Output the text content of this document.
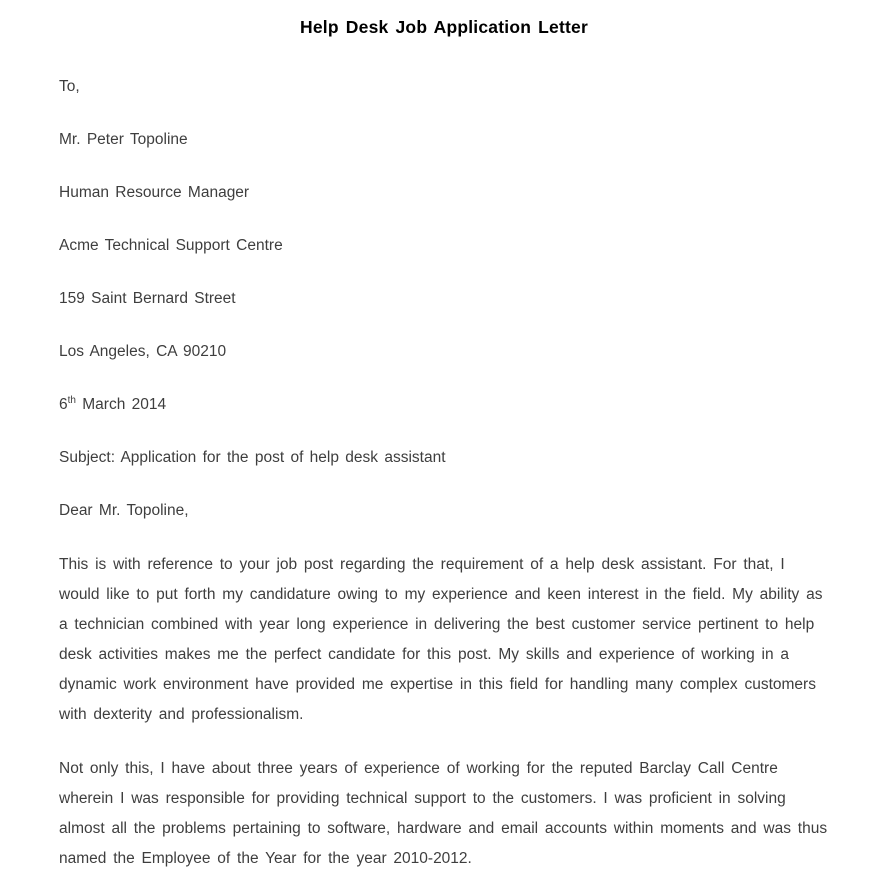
Help Desk Job Application Letter

To,

Mr. Peter Topoline

Human Resource Manager

Acme Technical Support Centre

159 Saint Bernard Street

Los Angeles, CA 90210

6th March 2014

Subject: Application for the post of help desk assistant

Dear Mr. Topoline,

This is with reference to your job post regarding the requirement of a help desk assistant. For that, I would like to put forth my candidature owing to my experience and keen interest in the field. My ability as a technician combined with year long experience in delivering the best customer service pertinent to help desk activities makes me the perfect candidate for this post. My skills and experience of working in a dynamic work environment have provided me expertise in this field for handling many complex customers with dexterity and professionalism.

Not only this, I have about three years of experience of working for the reputed Barclay Call Centre wherein I was responsible for providing technical support to the customers. I was proficient in solving almost all the problems pertaining to software, hardware and email accounts within moments and was thus named the Employee of the Year for the year 2010-2012.
